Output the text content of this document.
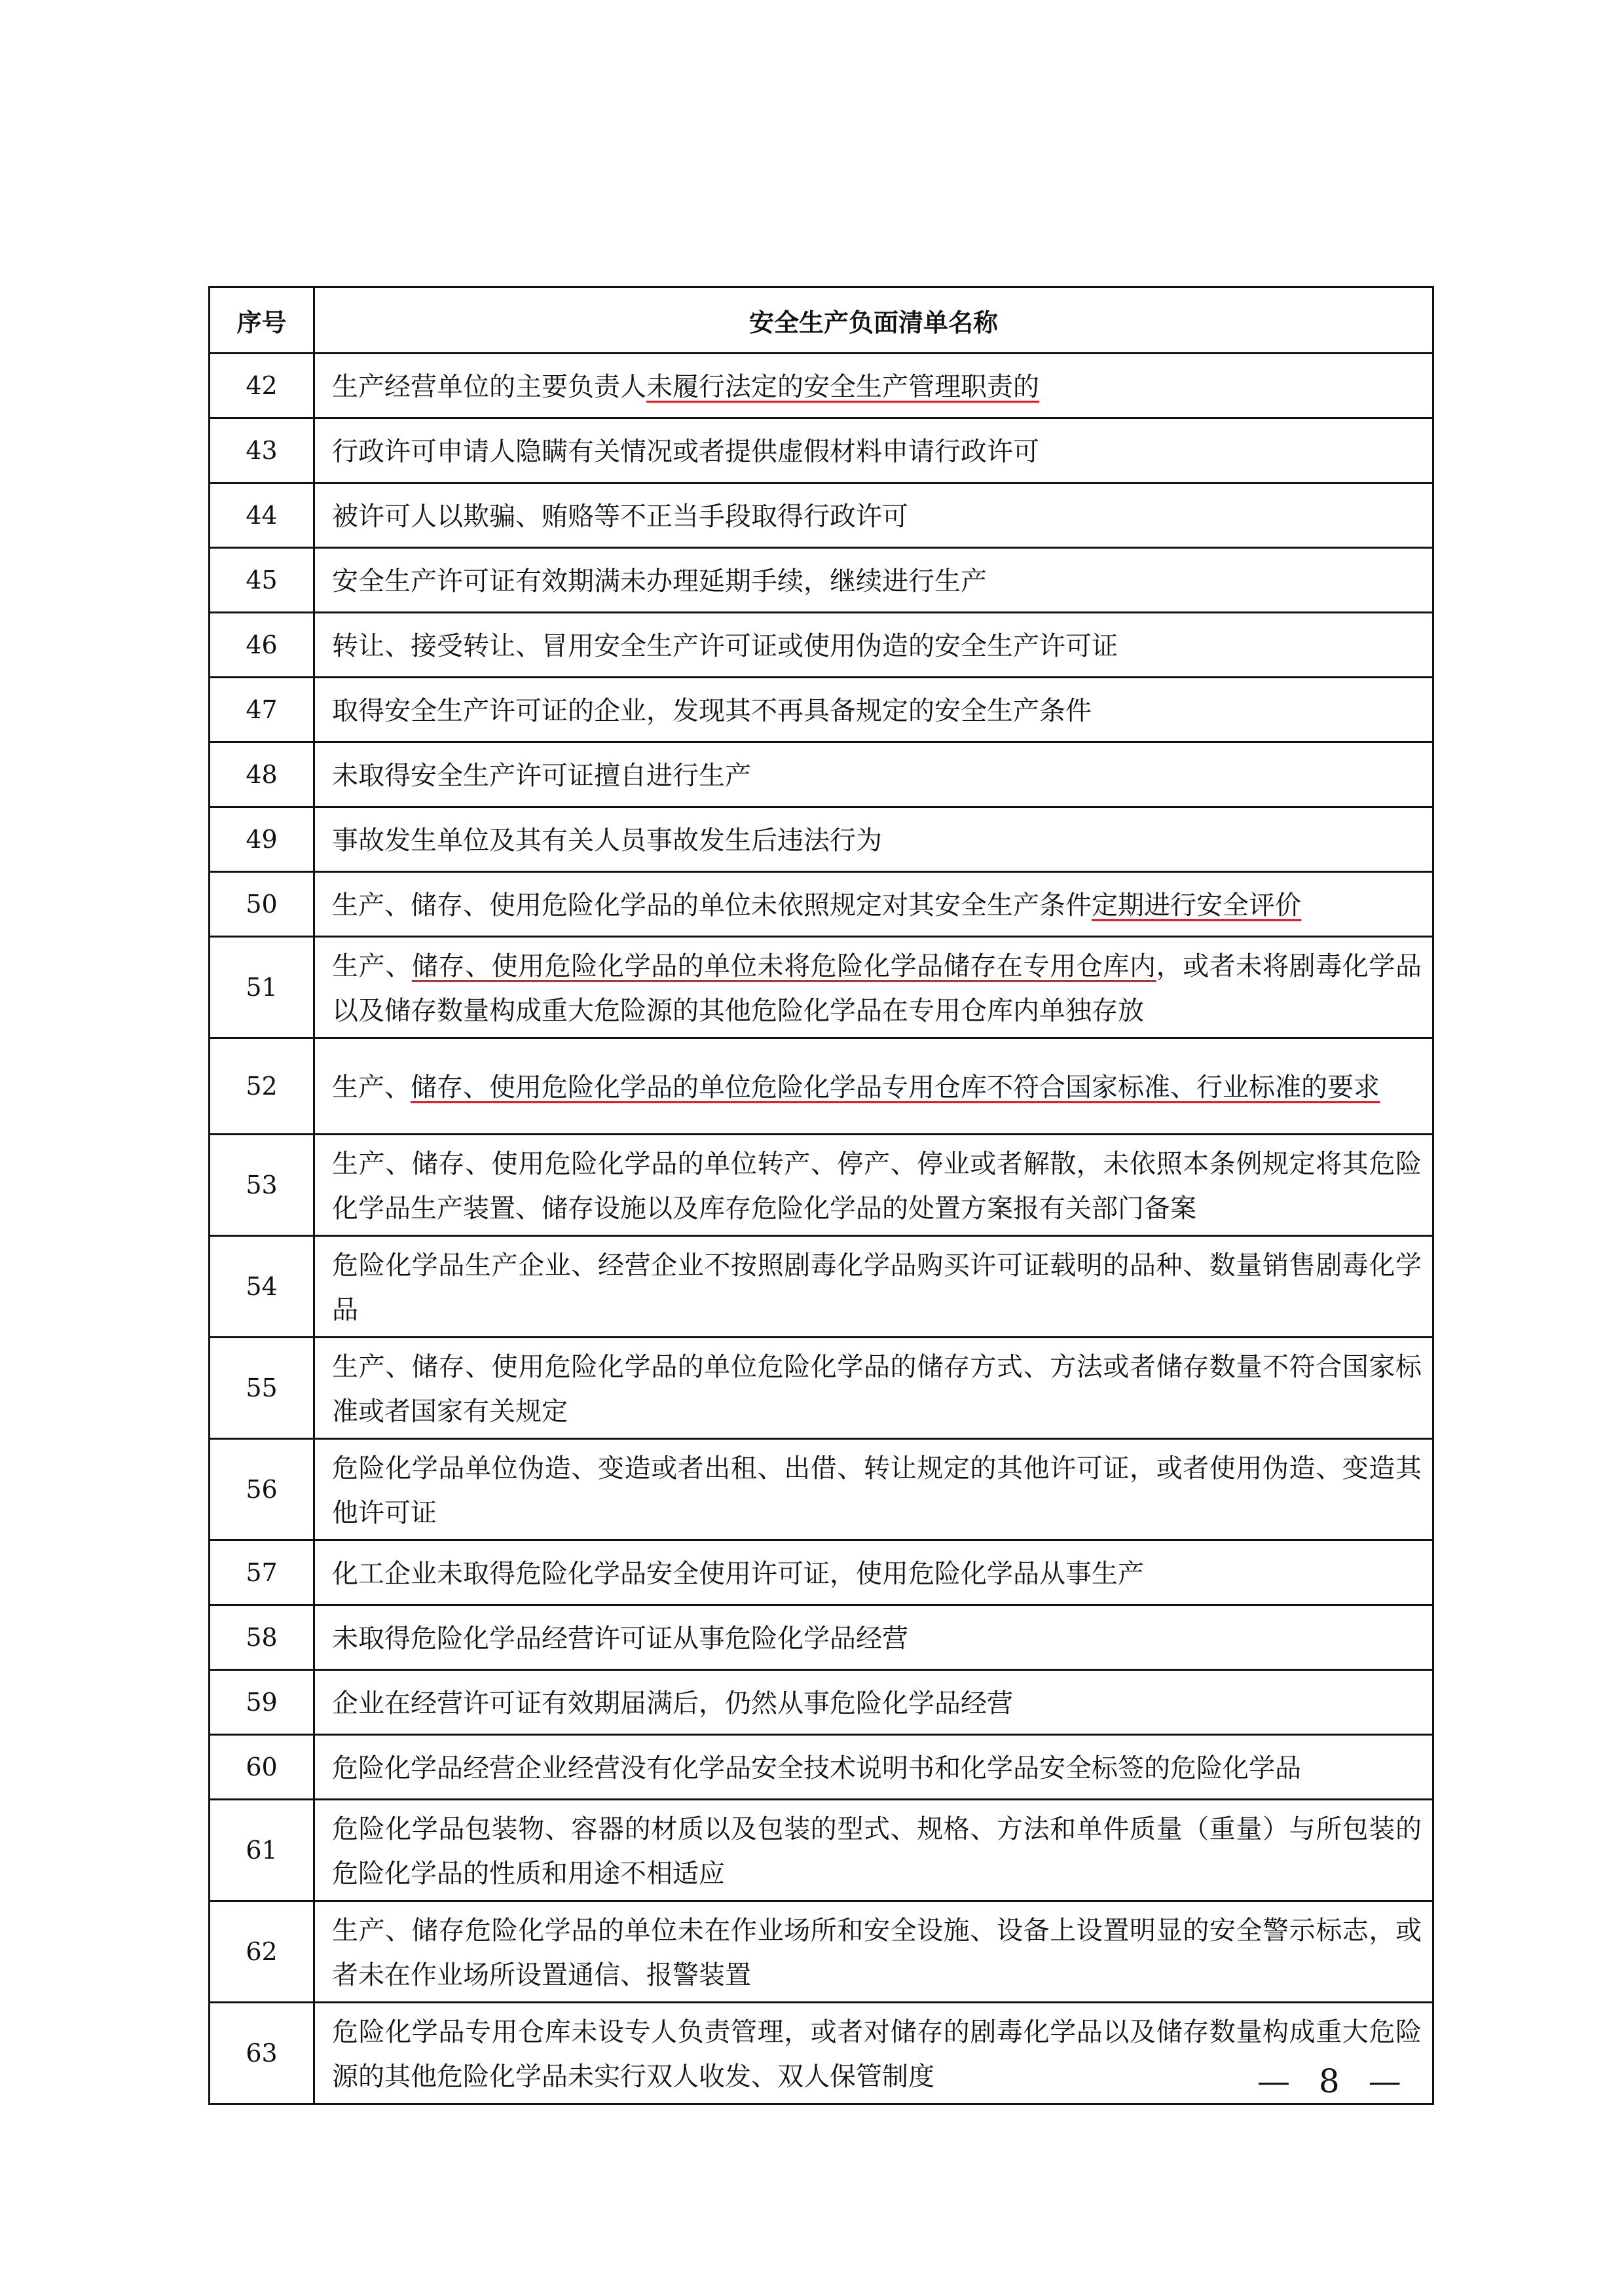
序号	安全生产负面清单名称
42	生产经营单位的主要负责人未履行法定的安全生产管理职责的
43	行政许可申请人隐瞒有关情况或者提供虚假材料申请行政许可
44	被许可人以欺骗、贿赂等不正当手段取得行政许可
45	安全生产许可证有效期满未办理延期手续，继续进行生产
46	转让、接受转让、冒用安全生产许可证或使用伪造的安全生产许可证
47	取得安全生产许可证的企业，发现其不再具备规定的安全生产条件
48	未取得安全生产许可证擅自进行生产
49	事故发生单位及其有关人员事故发生后违法行为
50	生产、储存、使用危险化学品的单位未依照规定对其安全生产条件定期进行安全评价
51	生产、储存、使用危险化学品的单位未将危险化学品储存在专用仓库内，或者未将剧毒化学品以及储存数量构成重大危险源的其他危险化学品在专用仓库内单独存放
52	生产、储存、使用危险化学品的单位危险化学品专用仓库不符合国家标准、行业标准的要求
53	生产、储存、使用危险化学品的单位转产、停产、停业或者解散，未依照本条例规定将其危险化学品生产装置、储存设施以及库存危险化学品的处置方案报有关部门备案
54	危险化学品生产企业、经营企业不按照剧毒化学品购买许可证载明的品种、数量销售剧毒化学品
55	生产、储存、使用危险化学品的单位危险化学品的储存方式、方法或者储存数量不符合国家标准或者国家有关规定
56	危险化学品单位伪造、变造或者出租、出借、转让规定的其他许可证，或者使用伪造、变造其他许可证
57	化工企业未取得危险化学品安全使用许可证，使用危险化学品从事生产
58	未取得危险化学品经营许可证从事危险化学品经营
59	企业在经营许可证有效期届满后，仍然从事危险化学品经营
60	危险化学品经营企业经营没有化学品安全技术说明书和化学品安全标签的危险化学品
61	危险化学品包装物、容器的材质以及包装的型式、规格、方法和单件质量（重量）与所包装的危险化学品的性质和用途不相适应
62	生产、储存危险化学品的单位未在作业场所和安全设施、设备上设置明显的安全警示标志，或者未在作业场所设置通信、报警装置
63	危险化学品专用仓库未设专人负责管理，或者对储存的剧毒化学品以及储存数量构成重大危险源的其他危险化学品未实行双人收发、双人保管制度	— 8 —
